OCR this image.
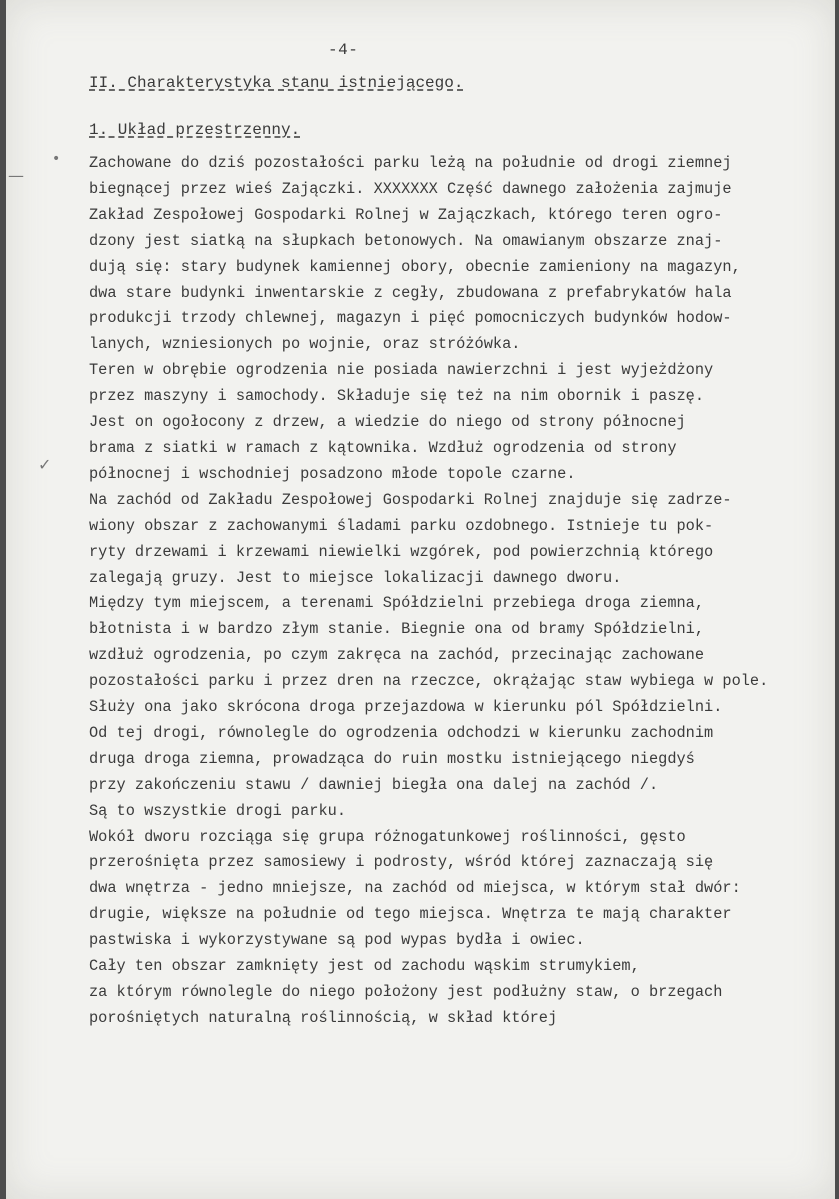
-4-
II. Charakterystyka stanu istniejącego.
1. Układ przestrzenny.
•
—
✓
Zachowane do dziś pozostałości parku leżą na południe od drogi ziemnej
biegnącej przez wieś Zajączki. XXXXXXX Część dawnego założenia zajmuje
Zakład Zespołowej Gospodarki Rolnej w Zajączkach, którego teren ogro-
dzony jest siatką na słupkach betonowych. Na omawianym obszarze znaj-
dują się: stary budynek kamiennej obory, obecnie zamieniony na magazyn,
dwa stare budynki inwentarskie z cegły, zbudowana z prefabrykatów hala
produkcji trzody chlewnej, magazyn i pięć pomocniczych budynków hodow-
lanych, wzniesionych po wojnie, oraz stróżówka.
Teren w obrębie ogrodzenia nie posiada nawierzchni i jest wyjeżdżony
przez maszyny i samochody. Składuje się też na nim obornik i paszę.
Jest on ogołocony z drzew, a wiedzie do niego od strony północnej
brama z siatki w ramach z kątownika. Wzdłuż ogrodzenia od strony
północnej i wschodniej posadzono młode topole czarne.
Na zachód od Zakładu Zespołowej Gospodarki Rolnej znajduje się zadrze-
wiony obszar z zachowanymi śladami parku ozdobnego. Istnieje tu pok-
ryty drzewami i krzewami niewielki wzgórek, pod powierzchnią którego
zalegają gruzy. Jest to miejsce lokalizacji dawnego dworu.
Między tym miejscem, a terenami Spółdzielni przebiega droga ziemna,
błotnista i w bardzo złym stanie. Biegnie ona od bramy Spółdzielni,
wzdłuż ogrodzenia, po czym zakręca na zachód, przecinając zachowane
pozostałości parku i przez dren na rzeczce, okrążając staw wybiega w pole.
Służy ona jako skrócona droga przejazdowa w kierunku pól Spółdzielni.
Od tej drogi, równolegle do ogrodzenia odchodzi w kierunku zachodnim
druga droga ziemna, prowadząca do ruin mostku istniejącego niegdyś
przy zakończeniu stawu / dawniej biegła ona dalej na zachód /.
Są to wszystkie drogi parku.
Wokół dworu rozciąga się grupa różnogatunkowej roślinności, gęsto
przerośnięta przez samosiewy i podrosty, wśród której zaznaczają się
dwa wnętrza - jedno mniejsze, na zachód od miejsca, w którym stał dwór:
drugie, większe na południe od tego miejsca. Wnętrza te mają charakter
pastwiska i wykorzystywane są pod wypas bydła i owiec.
Cały ten obszar zamknięty jest od zachodu wąskim strumykiem,
za którym równolegle do niego położony jest podłużny staw, o brzegach
porośniętych naturalną roślinnością, w skład której
